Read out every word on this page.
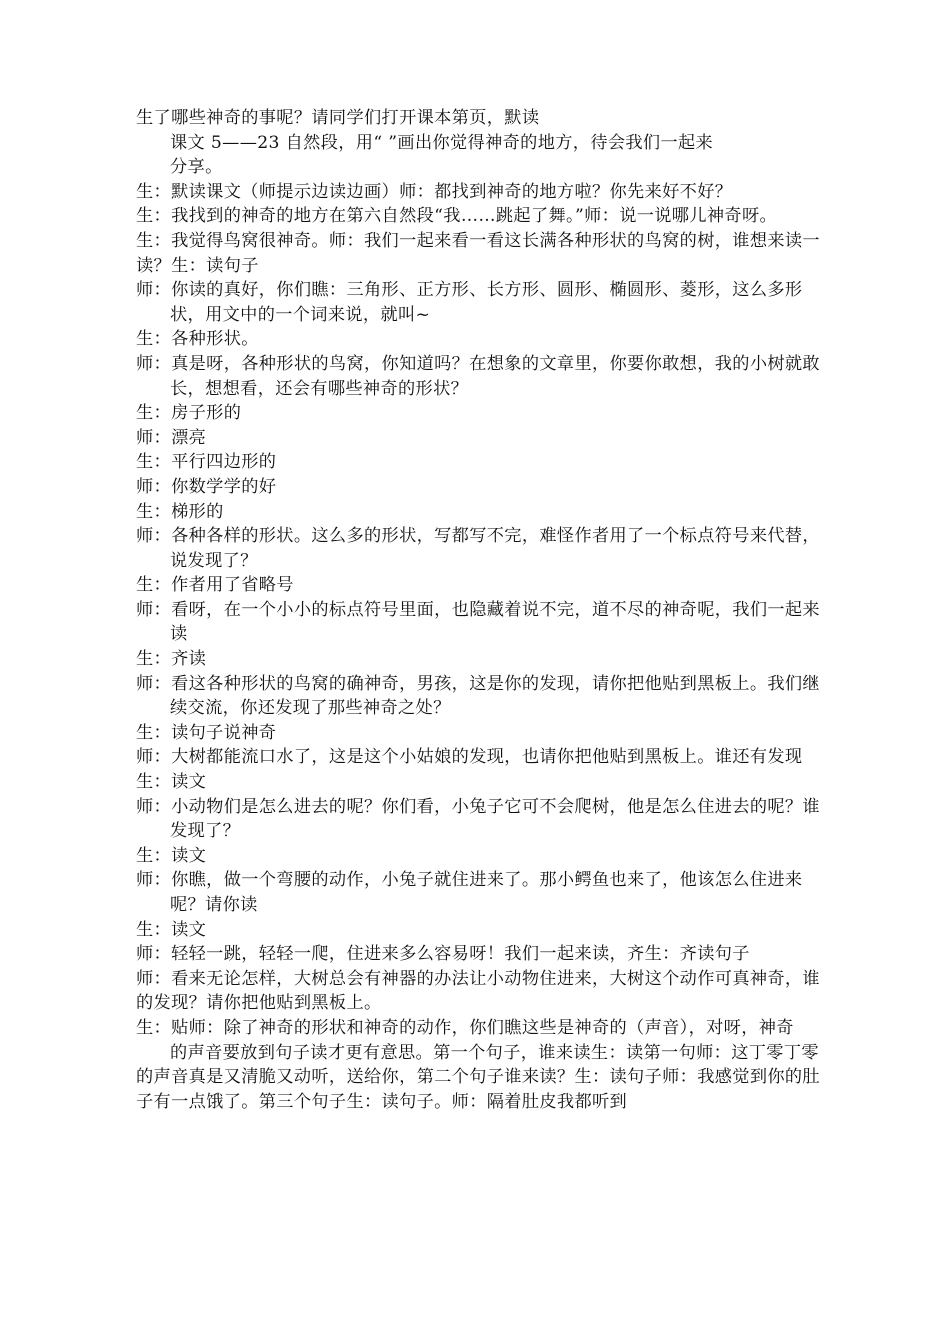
生了哪些神奇的事呢？请同学们打开课本第页，默读

课文 5——23 自然段，用“ ”画出你觉得神奇的地方，待会我们一起来

分享。

生：默读课文（师提示边读边画）师：都找到神奇的地方啦？你先来好不好？

生：我找到的神奇的地方在第六自然段“我……跳起了舞。”师：说一说哪儿神奇呀。

生：我觉得鸟窝很神奇。师：我们一起来看一看这长满各种形状的鸟窝的树，谁想来读一读？生：读句子

师：你读的真好，你们瞧：三角形、正方形、长方形、圆形、椭圆形、菱形，这么多形状，用文中的一个词来说，就叫~

生：各种形状。

师：真是呀，各种形状的鸟窝，你知道吗？在想象的文章里，你要你敢想，我的小树就敢长，想想看，还会有哪些神奇的形状？

生：房子形的

师：漂亮

生：平行四边形的

师：你数学学的好

生：梯形的

师：各种各样的形状。这么多的形状，写都写不完，难怪作者用了一个标点符号来代替，说发现了？

生：作者用了省略号

师：看呀，在一个小小的标点符号里面，也隐藏着说不完，道不尽的神奇呢，我们一起来读

生：齐读

师：看这各种形状的鸟窝的确神奇，男孩，这是你的发现，请你把他贴到黑板上。我们继续交流，你还发现了那些神奇之处？

生：读句子说神奇

师：大树都能流口水了，这是这个小姑娘的发现，也请你把他贴到黑板上。谁还有发现

生：读文

师：小动物们是怎么进去的呢？你们看，小兔子它可不会爬树，他是怎么住进去的呢？谁发现了？

生：读文

师：你瞧，做一个弯腰的动作，小兔子就住进来了。那小鳄鱼也来了，他该怎么住进来呢？请你读

生：读文

师：轻轻一跳，轻轻一爬，住进来多么容易呀！我们一起来读，齐生：齐读句子

师：看来无论怎样，大树总会有神器的办法让小动物住进来，大树这个动作可真神奇，谁的发现？请你把他贴到黑板上。

生：贴师：除了神奇的形状和神奇的动作，你们瞧这些是神奇的（声音），对呀，神奇

的声音要放到句子读才更有意思。第一个句子，谁来读生：读第一句师：这丁零丁零的声音真是又清脆又动听，送给你，第二个句子谁来读？生：读句子师：我感觉到你的肚子有一点饿了。第三个句子生：读句子。师：隔着肚皮我都听到
